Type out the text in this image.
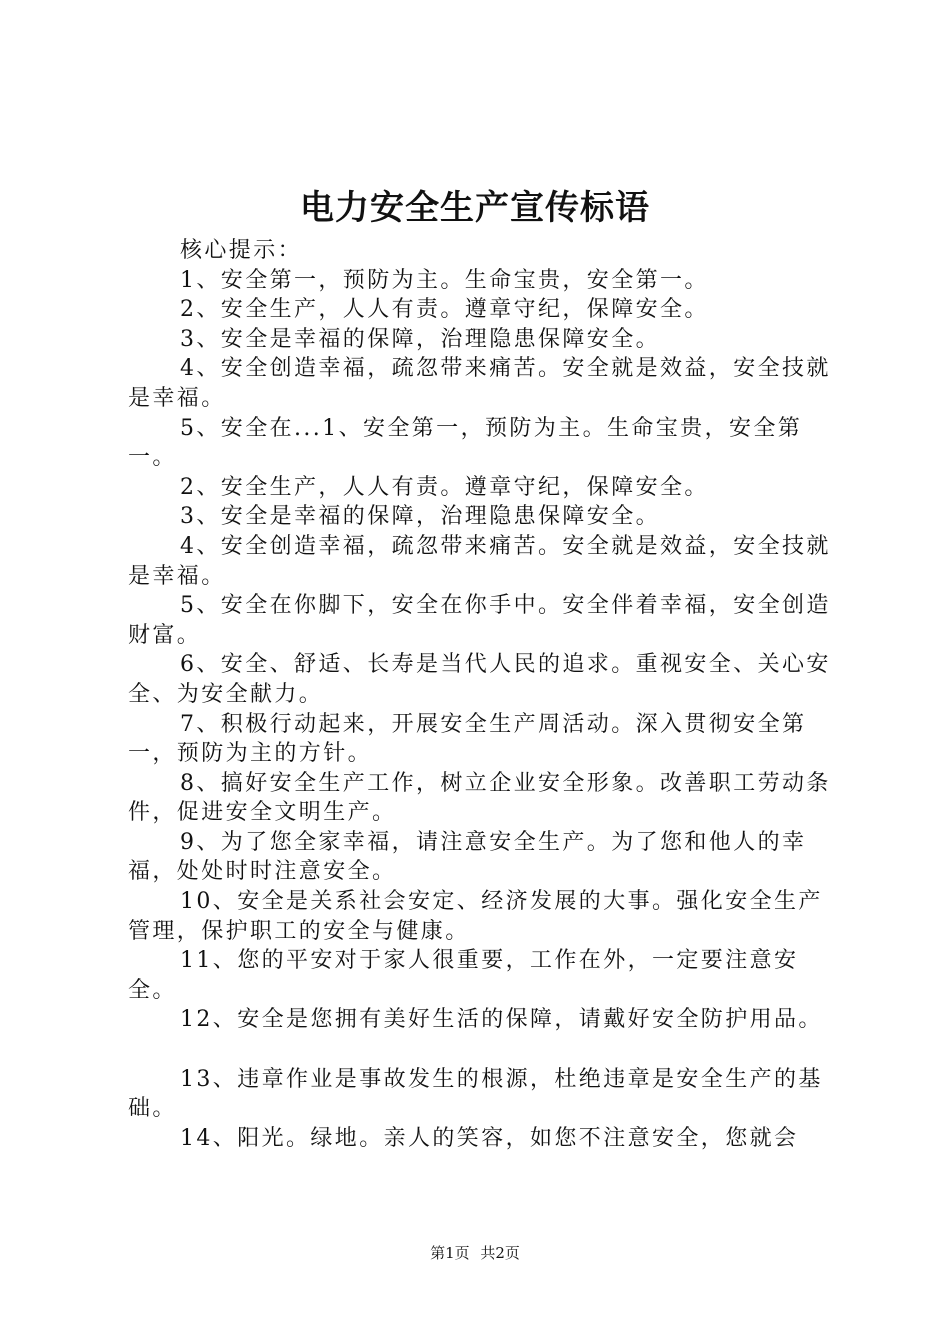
电力安全生产宣传标语

核心提示：

1、安全第一，预防为主。生命宝贵，安全第一。

2、安全生产，人人有责。遵章守纪，保障安全。

3、安全是幸福的保障，治理隐患保障安全。

4、安全创造幸福，疏忽带来痛苦。安全就是效益，安全技就是幸福。

5、安全在...1、安全第一，预防为主。生命宝贵，安全第一。

2、安全生产，人人有责。遵章守纪，保障安全。

3、安全是幸福的保障，治理隐患保障安全。

4、安全创造幸福，疏忽带来痛苦。安全就是效益，安全技就是幸福。

5、安全在你脚下，安全在你手中。安全伴着幸福，安全创造财富。

6、安全、舒适、长寿是当代人民的追求。重视安全、关心安全、为安全献力。

7、积极行动起来，开展安全生产周活动。深入贯彻安全第一，预防为主的方针。

8、搞好安全生产工作，树立企业安全形象。改善职工劳动条件，促进安全文明生产。

9、为了您全家幸福，请注意安全生产。为了您和他人的幸福，处处时时注意安全。

10、安全是关系社会安定、经济发展的大事。强化安全生产管理，保护职工的安全与健康。

11、您的平安对于家人很重要，工作在外，一定要注意安全。

12、安全是您拥有美好生活的保障，请戴好安全防护用品。

13、违章作业是事故发生的根源，杜绝违章是安全生产的基础。

14、阳光。绿地。亲人的笑容，如您不注意安全，您就会

第1页 共2页
